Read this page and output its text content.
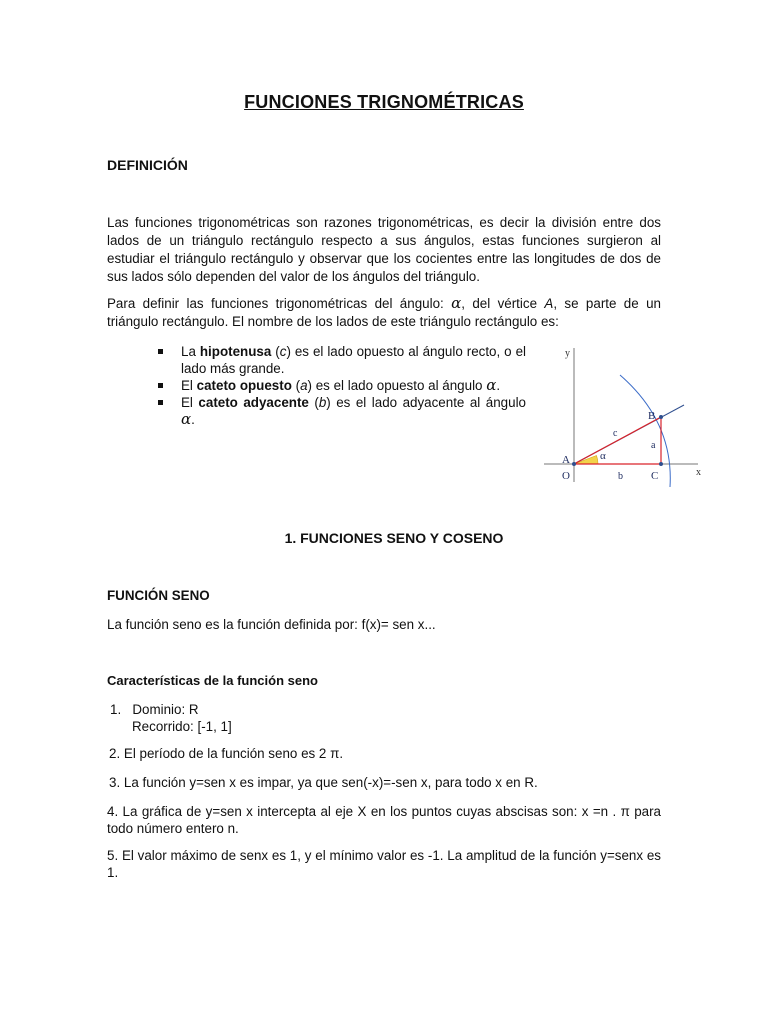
FUNCIONES TRIGNOMÉTRICAS
DEFINICIÓN
Las funciones trigonométricas son razones trigonométricas, es decir la división entre dos lados de un triángulo rectángulo respecto a sus ángulos, estas funciones surgieron al estudiar el triángulo rectángulo y observar que los cocientes entre las longitudes de dos de sus lados sólo dependen del valor de los ángulos del triángulo.
Para definir las funciones trigonométricas del ángulo: α, del vértice A, se parte de un triángulo rectángulo. El nombre de los lados de este triángulo rectángulo es:
La hipotenusa (c) es el lado opuesto al ángulo recto, o el lado más grande.
El cateto opuesto (a) es el lado opuesto al ángulo α.
El cateto adyacente (b) es el lado adyacente al ángulo α.
y
x
A
O
B
C
a
b
c
α
1. FUNCIONES SENO Y COSENO
FUNCIÓN SENO
La función seno es la función definida por: f(x)= sen x...
Características de la función seno
1.   Dominio: R
Recorrido: [-1, 1]
2. El período de la función seno es 2 π.
3. La función y=sen x es impar, ya que sen(-x)=-sen x, para todo x en R.
4. La gráfica de y=sen x intercepta al eje X en los puntos cuyas abscisas son: x =n . π para todo número entero n.
5. El valor máximo de senx es 1, y el mínimo valor es -1. La amplitud de la función y=senx es 1.
